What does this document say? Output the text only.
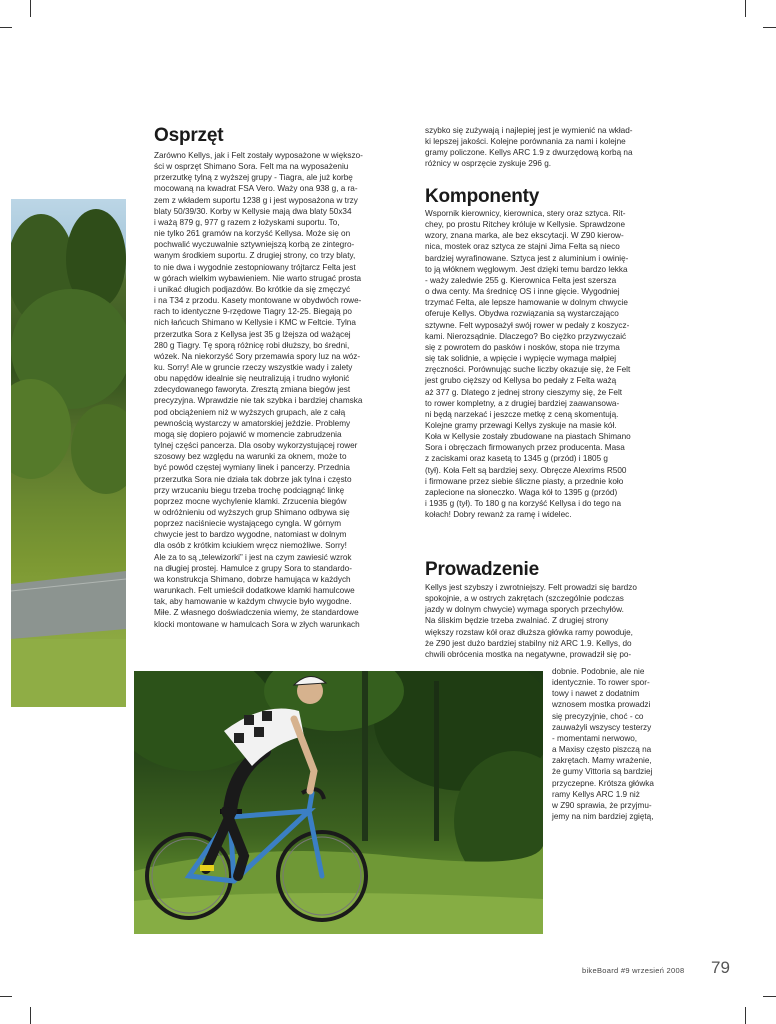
Osprzęt

Zarówno Kellys, jak i Felt zostały wyposażone w większo-

ści w osprzęt Shimano Sora. Felt ma na wyposażeniu

przerzutkę tylną z wyższej grupy - Tiagra, ale już korbę

mocowaną na kwadrat FSA Vero. Waży ona 938 g, a ra-

zem z wkładem suportu 1238 g i jest wyposażona w trzy

blaty 50/39/30. Korby w Kellysie mają dwa blaty 50x34

i ważą 879 g, 977 g razem z łożyskami suportu. To,

nie tylko 261 gramów na korzyść Kellysa. Może się on

pochwalić wyczuwalnie sztywniejszą korbą ze zintegro-

wanym środkiem suportu. Z drugiej strony, co trzy blaty,

to nie dwa i wygodnie zestopniowany trójtarcz Felta jest

w górach wielkim wybawieniem. Nie warto strugać prosta

i unikać długich podjazdów. Bo krótkie da się zmęczyć

i na T34 z przodu. Kasety montowane w obydwóch rowe-

rach to identyczne 9-rzędowe Tiagry 12-25. Biegają po

nich łańcuch Shimano w Kellysie i KMC w Feltcie. Tylna

przerzutka Sora z Kellysa jest 35 g lżejsza od ważącej

280 g Tiagry. Tę sporą różnicę robi dłuższy, bo średni,

wózek. Na niekorzyść Sory przemawia spory luz na wóz-

ku. Sorry! Ale w gruncie rzeczy wszystkie wady i zalety

obu napędów idealnie się neutralizują i trudno wyłonić

zdecydowanego faworyta. Zresztą zmiana biegów jest

precyzyjna. Wprawdzie nie tak szybka i bardziej chamska

pod obciążeniem niż w wyższych grupach, ale z całą

pewnością wystarczy w amatorskiej jeździe. Problemy

mogą się dopiero pojawić w momencie zabrudzenia

tylnej części pancerza. Dla osoby wykorzystującej rower

szosowy bez względu na warunki za oknem, może to

być powód częstej wymiany linek i pancerzy. Przednia

przerzutka Sora nie działa tak dobrze jak tylna i często

przy wrzucaniu biegu trzeba trochę podciągnąć linkę

poprzez mocne wychylenie klamki. Zrzucenia biegów

w odróżnieniu od wyższych grup Shimano odbywa się

poprzez naciśniecie wystającego cyngla. W górnym

chwycie jest to bardzo wygodne, natomiast w dolnym

dla osób z krótkim kciukiem wręcz niemożliwe. Sorry!

Ale za to są „telewizorki” i jest na czym zawiesić wzrok

na długiej prostej. Hamulce z grupy Sora to standardo-

wa konstrukcja Shimano, dobrze hamująca w każdych

warunkach. Felt umieścił dodatkowe klamki hamulcowe

tak, aby hamowanie w każdym chwycie było wygodne.

Miłe. Z własnego doświadczenia wiemy, że standardowe

klocki montowane w hamulcach Sora w złych warunkach

szybko się zużywają i najlepiej jest je wymienić na wkład-

ki lepszej jakości. Kolejne porównania za nami i kolejne

gramy policzone. Kellys ARC 1.9 z dwurzędową korbą na

różnicy w osprzęcie zyskuje 296 g.

Komponenty

Wspornik kierownicy, kierownica, stery oraz sztyca. Rit-

chey, po prostu Ritchey króluje w Kellysie. Sprawdzone

wzory, znana marka, ale bez ekscytacji. W Z90 kierow-

nica, mostek oraz sztyca ze stajni Jima Felta są nieco

bardziej wyrafinowane. Sztyca jest z aluminium i owinię-

to ją włóknem węglowym. Jest dzięki temu bardzo lekka

- waży zaledwie 255 g. Kierownica Felta jest szersza

o dwa centy. Ma średnicę OS i inne gięcie. Wygodniej

trzymać Felta, ale lepsze hamowanie w dolnym chwycie

oferuje Kellys. Obydwa rozwiązania są wystarczająco

sztywne. Felt wyposażył swój rower w pedały z koszycz-

kami. Nierozsądnie. Dlaczego? Bo ciężko przyzwyczaić

się z powrotem do pasków i nosków, stopa nie trzyma

się tak solidnie, a wpięcie i wypięcie wymaga małpiej

zręczności. Porównując suche liczby okazuje się, że Felt

jest grubo cięższy od Kellysa bo pedały z Felta ważą

aż 377 g. Dlatego z jednej strony cieszymy się, że Felt

to rower kompletny, a z drugiej bardziej zaawansowa-

ni będą narzekać i jeszcze metkę z ceną skomentują.

Kolejne gramy przewagi Kellys zyskuje na masie kół.

Koła w Kellysie zostały zbudowane na piastach Shimano

Sora i obręczach firmowanych przez producenta. Masa

z zaciskami oraz kasetą to 1345 g (przód) i 1805 g

(tył). Koła Felt są bardziej sexy. Obręcze Alexrims R500

i firmowane przez siebie śliczne piasty, a przednie koło

zaplecione na słoneczko. Waga kół to 1395 g (przód)

i 1935 g (tył). To 180 g na korzyść Kellysa i do tego na

kołach! Dobry rewanż za ramę i widelec.

Prowadzenie

Kellys jest szybszy i zwrotniejszy. Felt prowadzi się bardzo

spokojnie, a w ostrych zakrętach (szczególnie podczas

jazdy w dolnym chwycie) wymaga sporych przechyłów.

Na śliskim będzie trzeba zwalniać. Z drugiej strony

większy rozstaw kół oraz dłuższa główka ramy powoduje,

że Z90 jest dużo bardziej stabilny niż ARC 1.9. Kellys, do

chwili obrócenia mostka na negatywne, prowadził się po-

dobnie. Podobnie, ale nie

identycznie. To rower spor-

towy i nawet z dodatnim

wznosem mostka prowadzi

się precyzyjnie, choć - co

zauważyli wszyscy testerzy

- momentami nerwowo,

a Maxisy często piszczą na

zakrętach. Mamy wrażenie,

że gumy Vittoria są bardziej

przyczepne. Krótsza główka

ramy Kellys ARC 1.9 niż

w Z90 sprawia, że przyjmu-

jemy na nim bardziej zgiętą,

bikeBoard #9 wrzesień 2008 79
